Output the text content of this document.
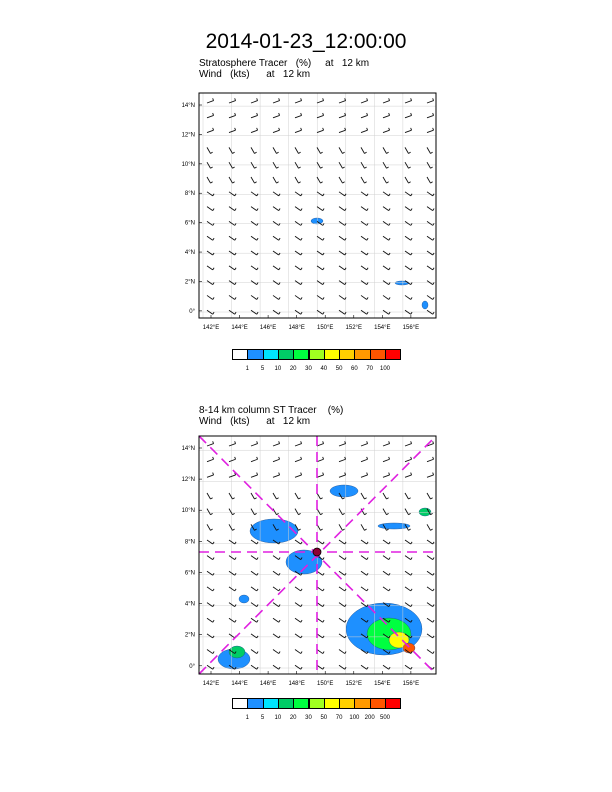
2014-01-23_12:00:00
Stratosphere Tracer   (%)     at   12 km
Wind   (kts)      at   12 km
14°N
12°N
10°N
8°N
6°N
4°N
2°N
0°
142°E 144°E 146°E 148°E 150°E 152°E 154°E 156°E
1 5 10 20 30 40 50 60 70 100
8-14 km column ST Tracer    (%)
Wind   (kts)      at   12 km
14°N
12°N
10°N
8°N
6°N
4°N
2°N
0°
142°E 144°E 146°E 148°E 150°E 152°E 154°E 156°E
1 5 10 20 30 50 70 100 200 500
